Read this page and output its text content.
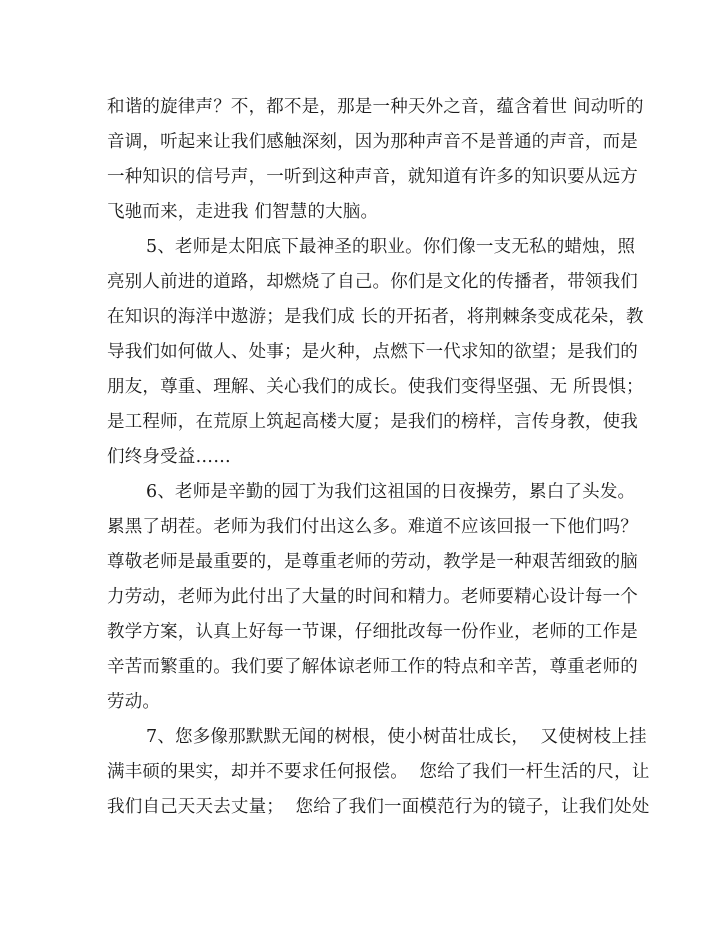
和谐的旋律声？不，都不是，那是一种天外之音，蕴含着世 间动听的
音调，听起来让我们感触深刻，因为那种声音不是普通的声音，而是
一种知识的信号声，一听到这种声音，就知道有许多的知识要从远方
飞驰而来，走进我 们智慧的大脑。
5、老师是太阳底下最神圣的职业。你们像一支无私的蜡烛，照
亮别人前进的道路，却燃烧了自己。你们是文化的传播者，带领我们
在知识的海洋中遨游；是我们成 长的开拓者，将荆棘条变成花朵，教
导我们如何做人、处事；是火种，点燃下一代求知的欲望；是我们的
朋友，尊重、理解、关心我们的成长。使我们变得坚强、无 所畏惧；
是工程师，在荒原上筑起高楼大厦；是我们的榜样，言传身教，使我
们终身受益……
6、老师是辛勤的园丁为我们这祖国的日夜操劳，累白了头发。
累黑了胡茬。老师为我们付出这么多。难道不应该回报一下他们吗？
尊敬老师是最重要的，是尊重老师的劳动，教学是一种艰苦细致的脑
力劳动，老师为此付出了大量的时间和精力。老师要精心设计每一个
教学方案，认真上好每一节课，仔细批改每一份作业，老师的工作是
辛苦而繁重的。我们要了解体谅老师工作的特点和辛苦，尊重老师的
劳动。
7、您多像那默默无闻的树根，使小树苗壮成长，  又使树枝上挂
满丰硕的果实，却并不要求任何报偿。  您给了我们一杆生活的尺，让
我们自己天天去丈量；  您给了我们一面模范行为的镜子，让我们处处
